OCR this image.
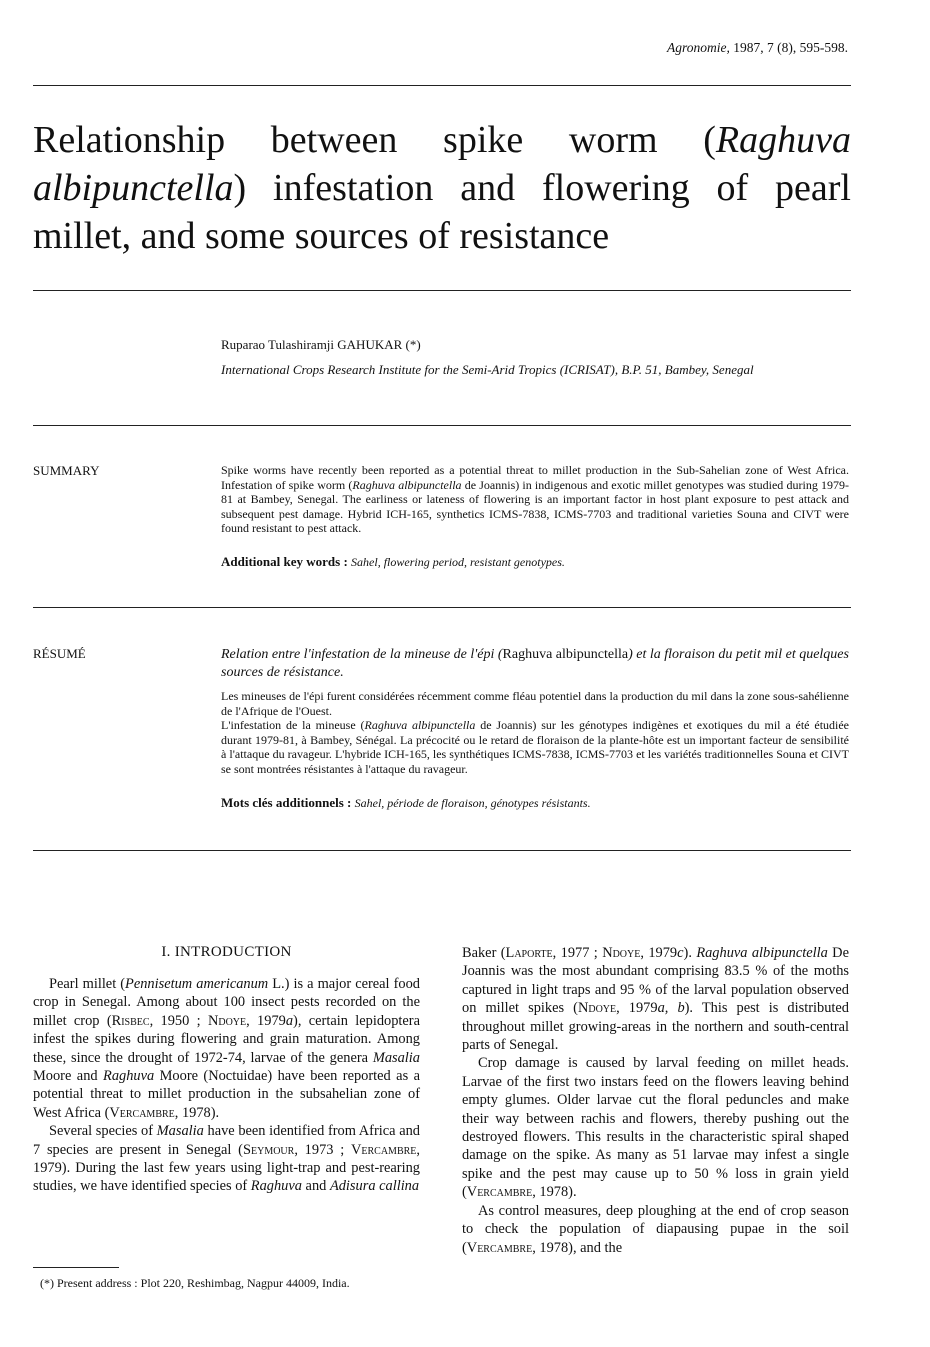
Agronomie, 1987, 7 (8), 595-598.
Relationship between spike worm (Raghuva albipunctella) infestation and flowering of pearl millet, and some sources of resistance
Ruparao Tulashiramji GAHUKAR (*)
International Crops Research Institute for the Semi-Arid Tropics (ICRISAT), B.P. 51, Bambey, Senegal
SUMMARY	Spike worms have recently been reported as a potential threat to millet production in the Sub-Sahelian zone of West Africa. Infestation of spike worm (Raghuva albipunctella de Joannis) in indigenous and exotic millet genotypes was studied during 1979-81 at Bambey, Senegal. The earliness or lateness of flowering is an important factor in host plant exposure to pest attack and subsequent pest damage. Hybrid ICH-165, synthetics ICMS-7838, ICMS-7703 and traditional varieties Souna and CIVT were found resistant to pest attack.
Additional key words : Sahel, flowering period, resistant genotypes.
RÉSUMÉ	Relation entre l'infestation de la mineuse de l'épi (Raghuva albipunctella) et la floraison du petit mil et quelques sources de résistance.
Les mineuses de l'épi furent considérées récemment comme fléau potentiel dans la production du mil dans la zone sous-sahélienne de l'Afrique de l'Ouest.
L'infestation de la mineuse (Raghuva albipunctella de Joannis) sur les génotypes indigènes et exotiques du mil a été étudiée durant 1979-81, à Bambey, Sénégal. La précocité ou le retard de floraison de la plante-hôte est un important facteur de sensibilité à l'attaque du ravageur. L'hybride ICH-165, les synthétiques ICMS-7838, ICMS-7703 et les variétés traditionnelles Souna et CIVT se sont montrées résistantes à l'attaque du ravageur.
Mots clés additionnels : Sahel, période de floraison, génotypes résistants.
I. INTRODUCTION

Pearl millet (Pennisetum americanum L.) is a major cereal food crop in Senegal. Among about 100 insect pests recorded on the millet crop (Risbec, 1950 ; Ndoye, 1979a), certain lepidoptera infest the spikes during flowering and grain maturation. Among these, since the drought of 1972-74, larvae of the genera Masalia Moore and Raghuva Moore (Noctuidae) have been reported as a potential threat to millet production in the subsahelian zone of West Africa (Vercambre, 1978).

Several species of Masalia have been identified from Africa and 7 species are present in Senegal (Seymour, 1973 ; Vercambre, 1979). During the last few years using light-trap and pest-rearing studies, we have identified species of Raghuva and Adisura callina

(*) Present address : Plot 220, Reshimbag, Nagpur 44009, India.

Baker (Laporte, 1977 ; Ndoye, 1979c). Raghuva albipunctella De Joannis was the most abundant comprising 83.5 % of the moths captured in light traps and 95 % of the larval population observed on millet spikes (Ndoye, 1979a, b). This pest is distributed throughout millet growing-areas in the northern and south-central parts of Senegal.

Crop damage is caused by larval feeding on millet heads. Larvae of the first two instars feed on the flowers leaving behind empty glumes. Older larvae cut the floral peduncles and make their way between rachis and flowers, thereby pushing out the destroyed flowers. This results in the characteristic spiral shaped damage on the spike. As many as 51 larvae may infest a single spike and the pest may cause up to 50 % loss in grain yield (Vercambre, 1978).

As control measures, deep ploughing at the end of crop season to check the population of diapausing pupae in the soil (Vercambre, 1978), and the
